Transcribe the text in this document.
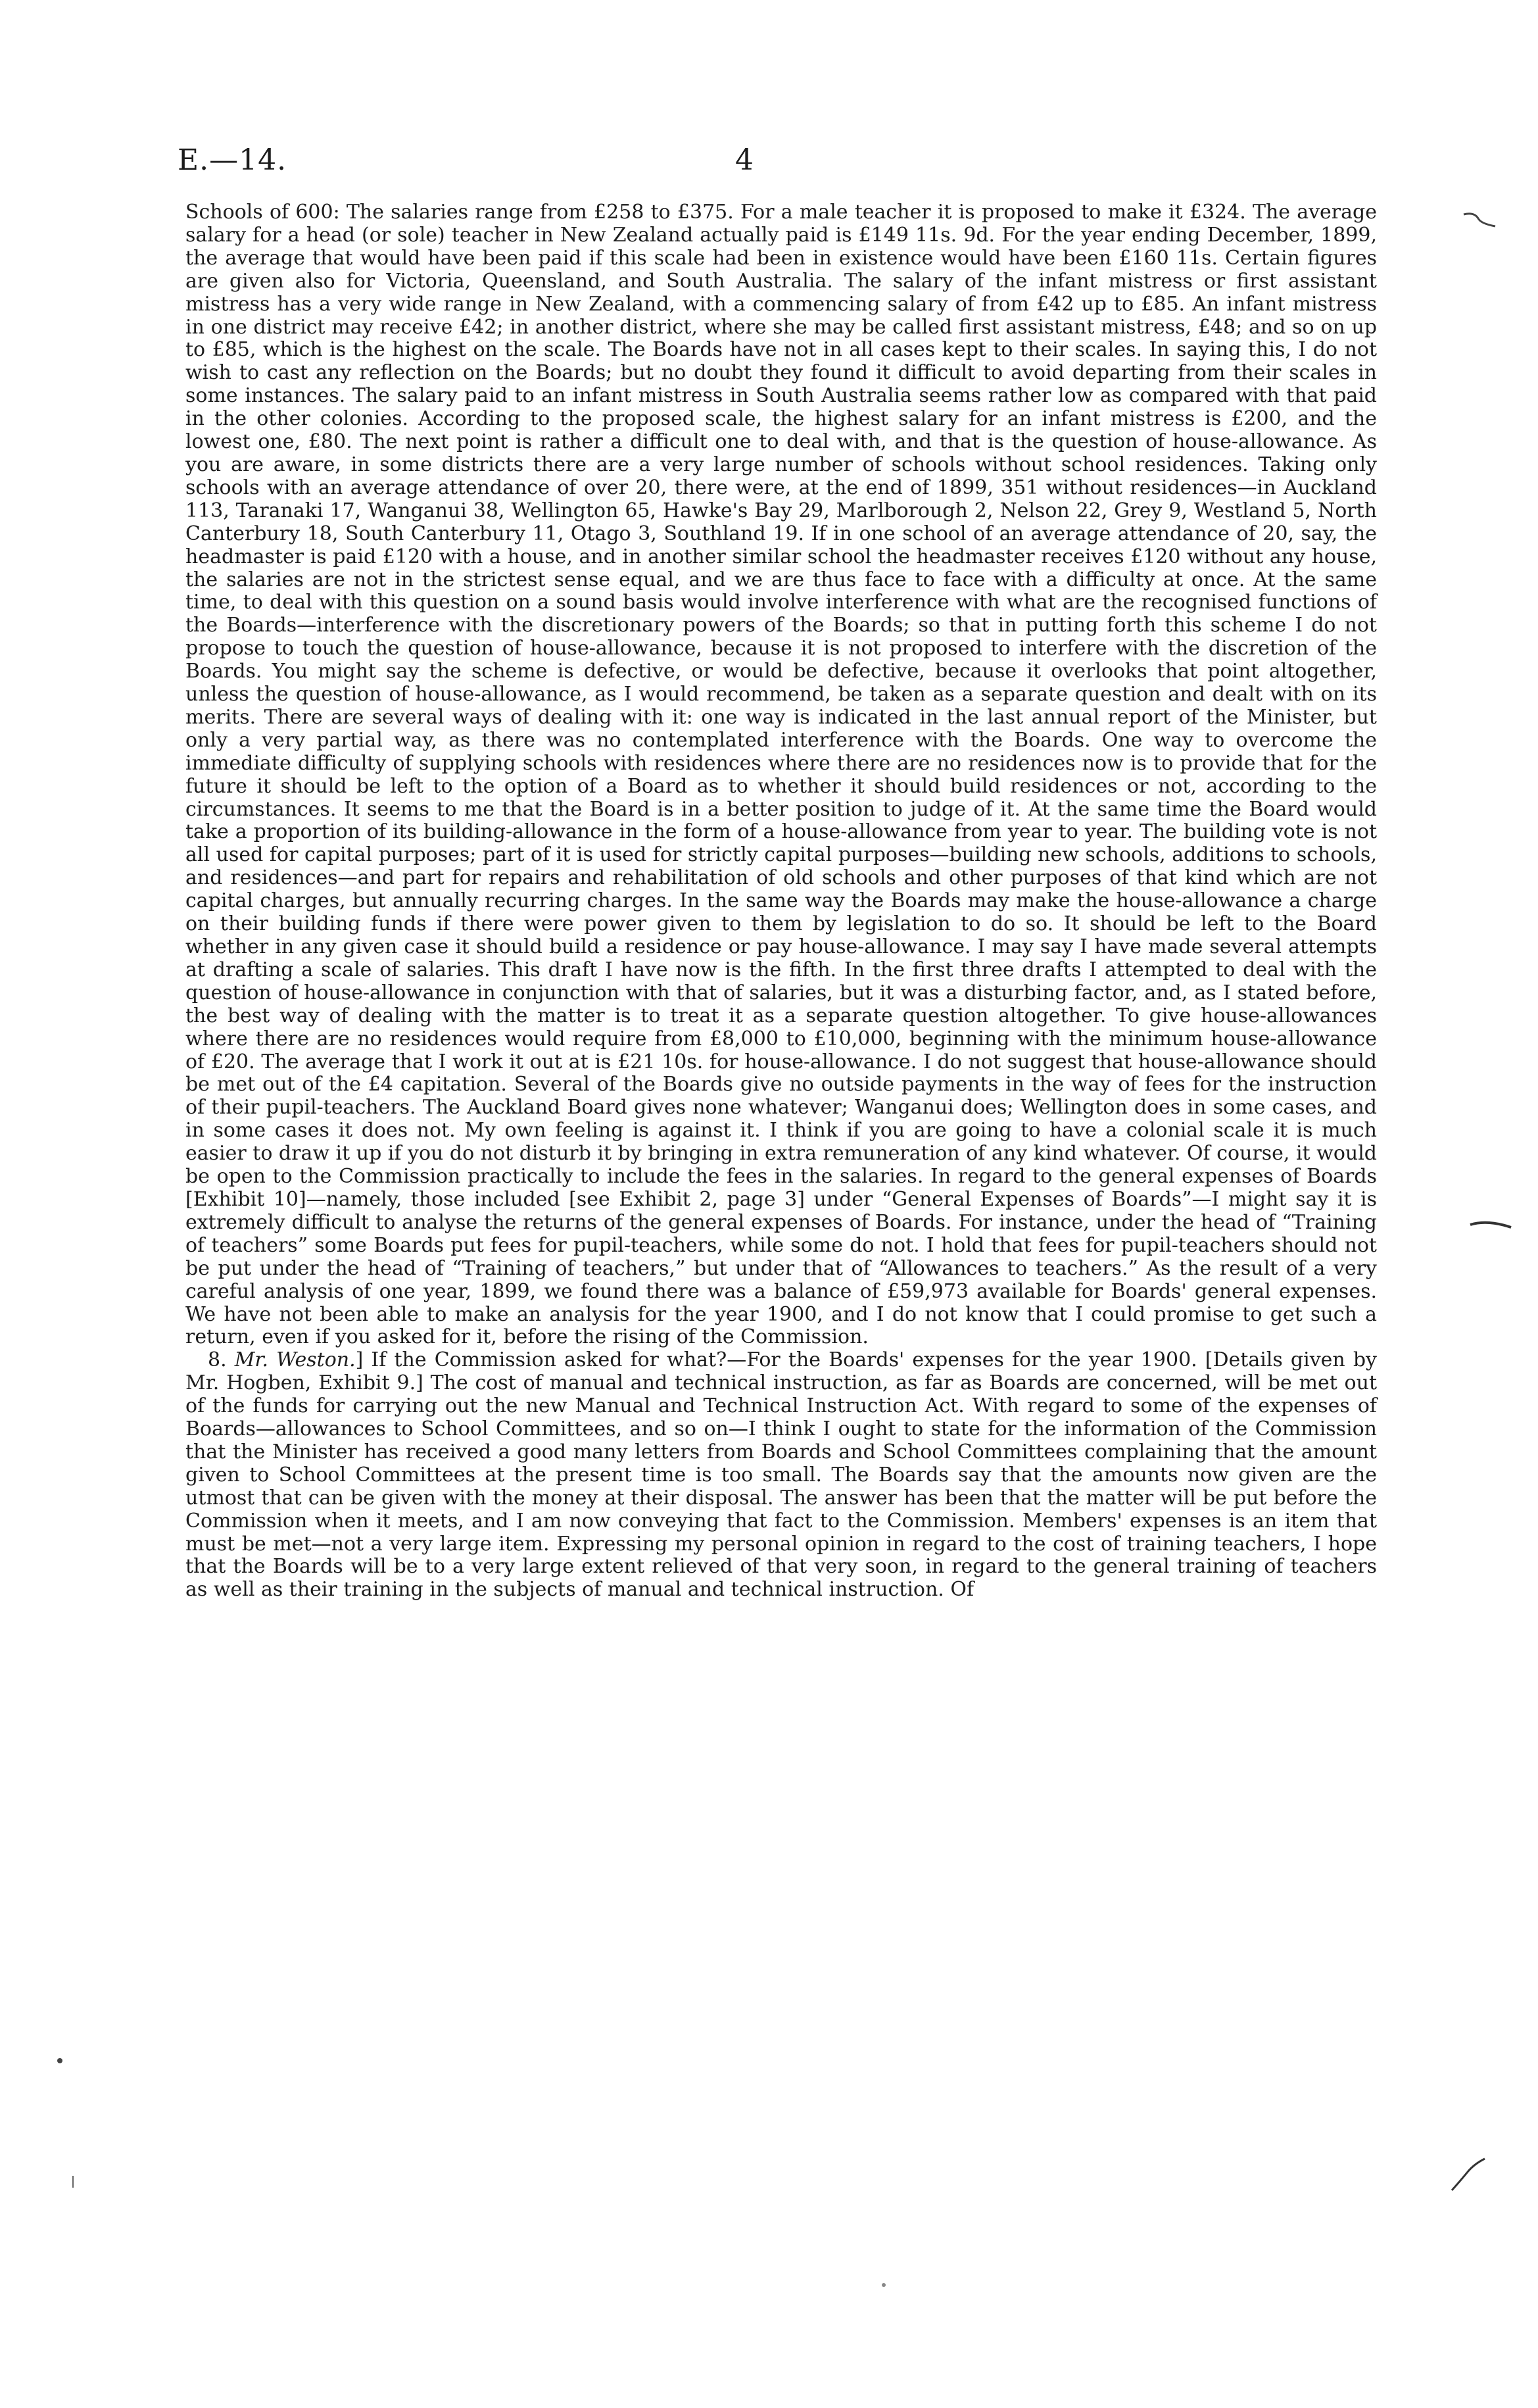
E.—14.	4

Schools of 600: The salaries range from £258 to £375. For a male teacher it is proposed to make it £324. The average salary for a head (or sole) teacher in New Zealand actually paid is £149 11s. 9d. For the year ending December, 1899, the average that would have been paid if this scale had been in existence would have been £160 11s. Certain figures are given also for Victoria, Queensland, and South Australia. The salary of the infant mistress or first assistant mistress has a very wide range in New Zealand, with a commencing salary of from £42 up to £85. An infant mistress in one district may receive £42; in another district, where she may be called first assistant mistress, £48; and so on up to £85, which is the highest on the scale. The Boards have not in all cases kept to their scales. In saying this, I do not wish to cast any reflection on the Boards; but no doubt they found it difficult to avoid departing from their scales in some instances. The salary paid to an infant mistress in South Australia seems rather low as compared with that paid in the other colonies. According to the proposed scale, the highest salary for an infant mistress is £200, and the lowest one, £80. The next point is rather a difficult one to deal with, and that is the question of house-allowance. As you are aware, in some districts there are a very large number of schools without school residences. Taking only schools with an average attendance of over 20, there were, at the end of 1899, 351 without residences—in Auckland 113, Taranaki 17, Wanganui 38, Wellington 65, Hawke's Bay 29, Marlborough 2, Nelson 22, Grey 9, Westland 5, North Canterbury 18, South Canterbury 11, Otago 3, Southland 19. If in one school of an average attendance of 20, say, the headmaster is paid £120 with a house, and in another similar school the headmaster receives £120 without any house, the salaries are not in the strictest sense equal, and we are thus face to face with a difficulty at once. At the same time, to deal with this question on a sound basis would involve interference with what are the recognised functions of the Boards—interference with the discretionary powers of the Boards; so that in putting forth this scheme I do not propose to touch the question of house-allowance, because it is not proposed to interfere with the discretion of the Boards. You might say the scheme is defective, or would be defective, because it overlooks that point altogether, unless the question of house-allowance, as I would recommend, be taken as a separate question and dealt with on its merits. There are several ways of dealing with it: one way is indicated in the last annual report of the Minister, but only a very partial way, as there was no contemplated interference with the Boards. One way to overcome the immediate difficulty of supplying schools with residences where there are no residences now is to provide that for the future it should be left to the option of a Board as to whether it should build residences or not, according to the circumstances. It seems to me that the Board is in a better position to judge of it. At the same time the Board would take a proportion of its building-allowance in the form of a house-allowance from year to year. The building vote is not all used for capital purposes; part of it is used for strictly capital purposes—building new schools, additions to schools, and residences—and part for repairs and rehabilitation of old schools and other purposes of that kind which are not capital charges, but annually recurring charges. In the same way the Boards may make the house-allowance a charge on their building funds if there were power given to them by legislation to do so. It should be left to the Board whether in any given case it should build a residence or pay house-allowance. I may say I have made several attempts at drafting a scale of salaries. This draft I have now is the fifth. In the first three drafts I attempted to deal with the question of house-allowance in conjunction with that of salaries, but it was a disturbing factor, and, as I stated before, the best way of dealing with the matter is to treat it as a separate question altogether. To give house-allowances where there are no residences would require from £8,000 to £10,000, beginning with the minimum house-allowance of £20. The average that I work it out at is £21 10s. for house-allowance. I do not suggest that house-allowance should be met out of the £4 capitation. Several of the Boards give no outside payments in the way of fees for the instruction of their pupil-teachers. The Auckland Board gives none whatever; Wanganui does; Wellington does in some cases, and in some cases it does not. My own feeling is against it. I think if you are going to have a colonial scale it is much easier to draw it up if you do not disturb it by bringing in extra remuneration of any kind whatever. Of course, it would be open to the Commission practically to include the fees in the salaries. In regard to the general expenses of Boards [Exhibit 10]—namely, those included [see Exhibit 2, page 3] under “General Expenses of Boards”—I might say it is extremely difficult to analyse the returns of the general expenses of Boards. For instance, under the head of “Training of teachers” some Boards put fees for pupil-teachers, while some do not. I hold that fees for pupil-teachers should not be put under the head of “Training of teachers,” but under that of “Allowances to teachers.” As the result of a very careful analysis of one year, 1899, we found there was a balance of £59,973 available for Boards' general expenses. We have not been able to make an analysis for the year 1900, and I do not know that I could promise to get such a return, even if you asked for it, before the rising of the Commission.

8. Mr. Weston.] If the Commission asked for what?—For the Boards' expenses for the year 1900. [Details given by Mr. Hogben, Exhibit 9.] The cost of manual and technical instruction, as far as Boards are concerned, will be met out of the funds for carrying out the new Manual and Technical Instruction Act. With regard to some of the expenses of Boards—allowances to School Committees, and so on—I think I ought to state for the information of the Commission that the Minister has received a good many letters from Boards and School Committees complaining that the amount given to School Committees at the present time is too small. The Boards say that the amounts now given are the utmost that can be given with the money at their disposal. The answer has been that the matter will be put before the Commission when it meets, and I am now conveying that fact to the Commission. Members' expenses is an item that must be met—not a very large item. Expressing my personal opinion in regard to the cost of training teachers, I hope that the Boards will be to a very large extent relieved of that very soon, in regard to the general training of teachers as well as their training in the subjects of manual and technical instruction. Of
